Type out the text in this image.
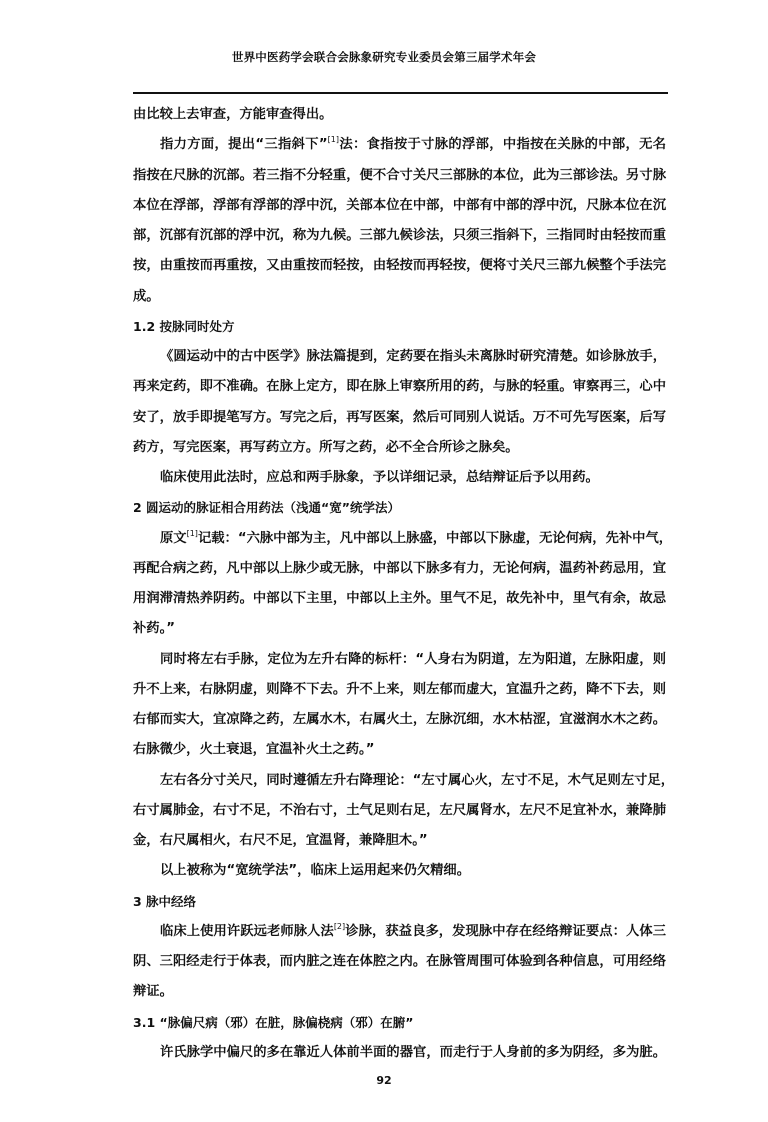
世界中医药学会联合会脉象研究专业委员会第三届学术年会
由比较上去审查，方能审查得出。
指力方面，提出“三指斜下”[1]法：食指按于寸脉的浮部，中指按在关脉的中部，无名
指按在尺脉的沉部。若三指不分轻重，便不合寸关尺三部脉的本位，此为三部诊法。另寸脉
本位在浮部，浮部有浮部的浮中沉，关部本位在中部，中部有中部的浮中沉，尺脉本位在沉
部，沉部有沉部的浮中沉，称为九候。三部九候诊法，只须三指斜下，三指同时由轻按而重
按，由重按而再重按，又由重按而轻按，由轻按而再轻按，便将寸关尺三部九候整个手法完
成。
1.2 按脉同时处方
《圆运动中的古中医学》脉法篇提到，定药要在指头未离脉时研究清楚。如诊脉放手，
再来定药，即不准确。在脉上定方，即在脉上审察所用的药，与脉的轻重。审察再三，心中
安了，放手即提笔写方。写完之后，再写医案，然后可同别人说话。万不可先写医案，后写
药方，写完医案，再写药立方。所写之药，必不全合所诊之脉矣。
临床使用此法时，应总和两手脉象，予以详细记录，总结辩证后予以用药。
2 圆运动的脉证相合用药法（浅通“宽”统学法）
原文[1]记载：“六脉中部为主，凡中部以上脉盛，中部以下脉虚，无论何病，先补中气，
再配合病之药，凡中部以上脉少或无脉，中部以下脉多有力，无论何病，温药补药忌用，宜
用润滞清热养阴药。中部以下主里，中部以上主外。里气不足，故先补中，里气有余，故忌
补药。”
同时将左右手脉，定位为左升右降的标杆：“人身右为阴道，左为阳道，左脉阳虚，则
升不上来，右脉阴虚，则降不下去。升不上来，则左郁而虚大，宜温升之药，降不下去，则
右郁而实大，宜凉降之药，左属水木，右属火土，左脉沉细，水木枯涩，宜滋润水木之药。
右脉微少，火土衰退，宜温补火土之药。”
左右各分寸关尺，同时遵循左升右降理论：“左寸属心火，左寸不足，木气足则左寸足，
右寸属肺金，右寸不足，不治右寸，土气足则右足，左尺属肾水，左尺不足宜补水，兼降肺
金，右尺属相火，右尺不足，宜温肾，兼降胆木。”
以上被称为“宽统学法”，临床上运用起来仍欠精细。
3 脉中经络
临床上使用许跃远老师脉人法[2]诊脉，获益良多，发现脉中存在经络辩证要点：人体三
阴、三阳经走行于体表，而内脏之连在体腔之内。在脉管周围可体验到各种信息，可用经络
辩证。
3.1 “脉偏尺病（邪）在脏，脉偏桡病（邪）在腑”
许氏脉学中偏尺的多在靠近人体前半面的器官，而走行于人身前的多为阴经，多为脏。
92
